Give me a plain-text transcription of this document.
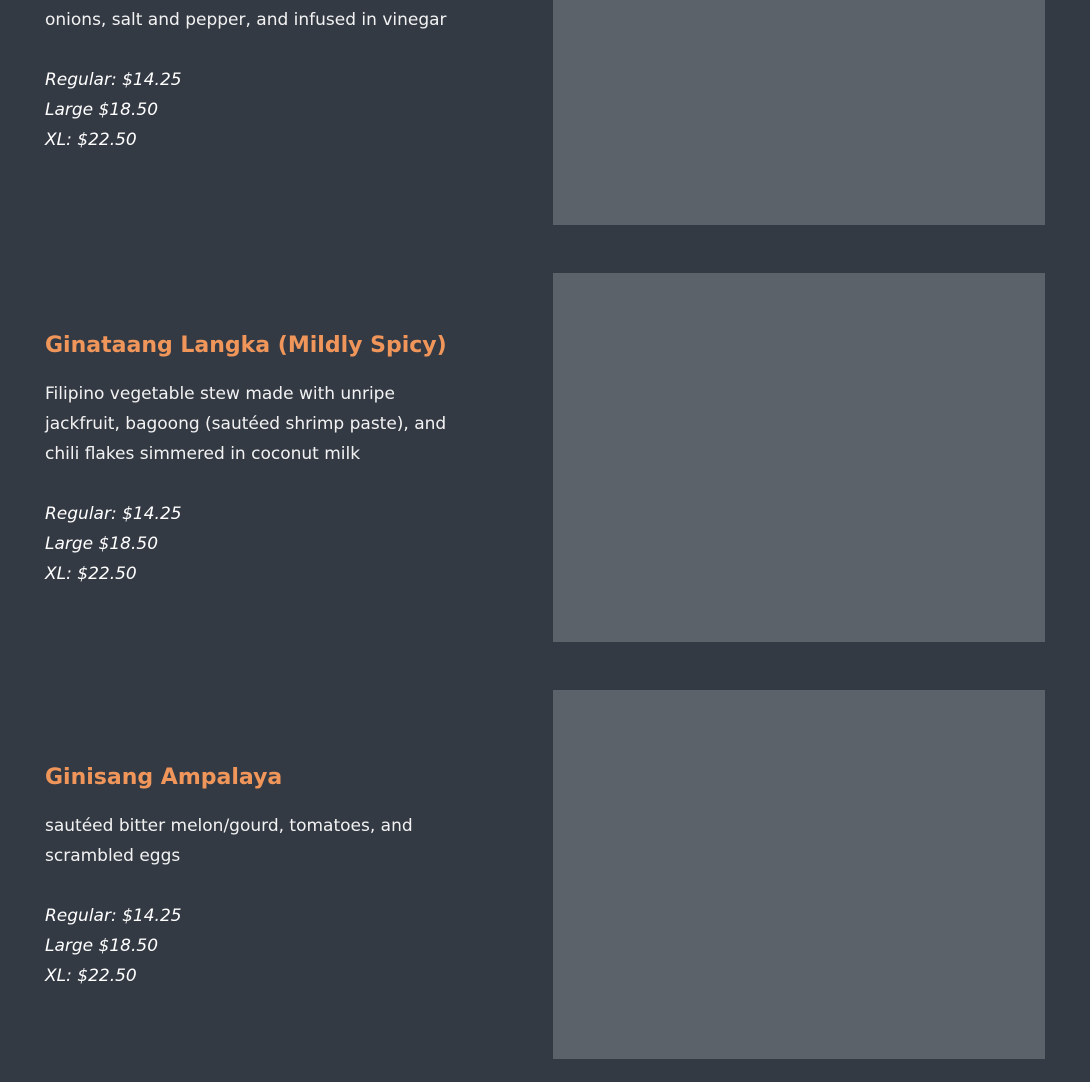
onions, salt and pepper, and infused in vinegar

Regular: $14.25
Large $18.50
XL: $22.50
Ginataang Langka (Mildly Spicy)

Filipino vegetable stew made with unripe jackfruit, bagoong (sautéed shrimp paste), and chili flakes simmered in coconut milk

Regular: $14.25
Large $18.50
XL: $22.50
Ginisang Ampalaya

sautéed bitter melon/gourd, tomatoes, and scrambled eggs

Regular: $14.25
Large $18.50
XL: $22.50
